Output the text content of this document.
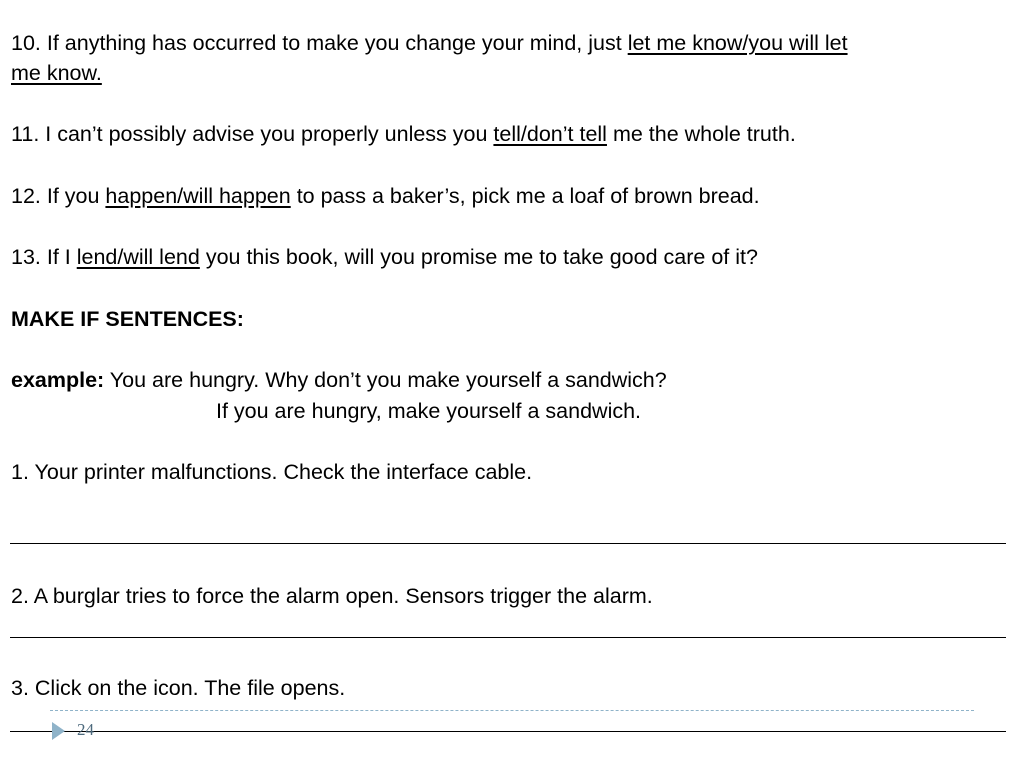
10. If anything has occurred to make you change your mind, just let me know/you will let

me know.

11. I can’t possibly advise you properly unless you tell/don’t tell me the whole truth.

12. If you happen/will happen to pass a baker’s, pick me a loaf of brown bread.

13. If I lend/will lend you this book, will you promise me to take good care of it?

MAKE IF SENTENCES:

example: You are hungry. Why don’t you make yourself a sandwich?

If you are hungry, make yourself a sandwich.

1. Your printer malfunctions. Check the interface cable.

2. A burglar tries to force the alarm open. Sensors trigger the alarm.

3. Click on the icon. The file opens.

24
